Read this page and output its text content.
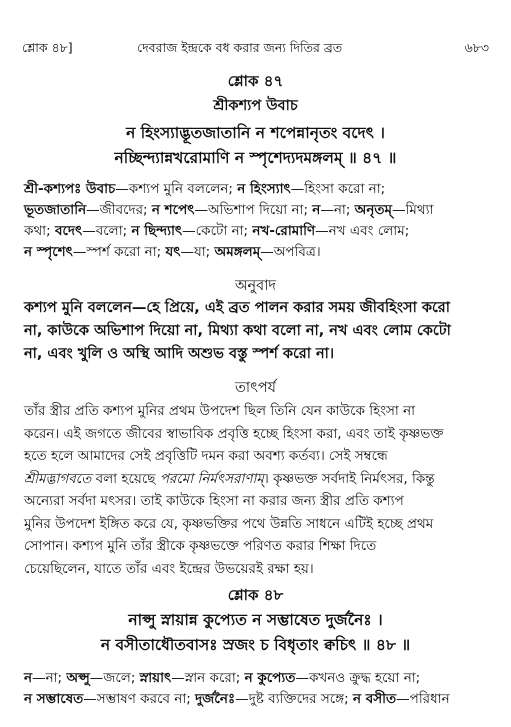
শ্লোক ৪৮]	দেবরাজ ইন্দ্রকে বধ করার জন্য দিতির ব্রত	৬৮৩
শ্লোক ৪৭
শ্রীকশ্যপ উবাচ
ন হিংস্যাদ্ভূতজাতানি ন শপেন্নানৃতং বদেৎ ।
নচ্ছিন্দ্যান্নখরোমাণি ন স্পৃশেদ্যদমঙ্গলম্ ॥ ৪৭ ॥

শ্রী-কশ্যপঃ উবাচ—কশ্যপ মুনি বললেন; ন হিংস্যাৎ—হিংসা করো না;

ভূতজাতানি—জীবদের; ন শপেৎ—অভিশাপ দিয়ো না; ন—না; অনৃতম্—মিথ্যা

কথা; বদেৎ—বলো; ন ছিন্দ্যাৎ—কেটো না; নখ-রোমাণি—নখ এবং লোম;

ন স্পৃশেৎ—স্পর্শ করো না; যৎ—যা; অমঙ্গলম্—অপবিত্র।

অনুবাদ

কশ্যপ মুনি বললেন—হে প্রিয়ে, এই ব্রত পালন করার সময় জীবহিংসা করো

না, কাউকে অভিশাপ দিয়ো না, মিথ্যা কথা বলো না, নখ এবং লোম কেটো

না, এবং খুলি ও অস্থি আদি অশুভ বস্তু স্পর্শ করো না।

তাৎপর্য

তাঁর স্ত্রীর প্রতি কশ্যপ মুনির প্রথম উপদেশ ছিল তিনি যেন কাউকে হিংসা না

করেন। এই জগতে জীবের স্বাভাবিক প্রবৃত্তি হচ্ছে হিংসা করা, এবং তাই কৃষ্ণভক্ত

হতে হলে আমাদের সেই প্রবৃত্তিটি দমন করা অবশ্য কর্তব্য। সেই সম্বন্ধে

শ্রীমদ্ভাগবতে বলা হয়েছে পরমো নির্মৎসরাণাম্। কৃষ্ণভক্ত সর্বদাই নির্মৎসর, কিন্তু

অন্যেরা সর্বদা মৎসর। তাই কাউকে হিংসা না করার জন্য স্ত্রীর প্রতি কশ্যপ

মুনির উপদেশ ইঙ্গিত করে যে, কৃষ্ণভক্তির পথে উন্নতি সাধনে এটিই হচ্ছে প্রথম

সোপান। কশ্যপ মুনি তাঁর স্ত্রীকে কৃষ্ণভক্তে পরিণত করার শিক্ষা দিতে

চেয়েছিলেন, যাতে তাঁর এবং ইন্দ্রের উভয়েরই রক্ষা হয়।

শ্লোক ৪৮
নাপ্সু স্নায়ান্ন কুপ্যেত ন সম্ভাষেত দুর্জনৈঃ ।
ন বসীতাধৌতবাসঃ স্রজং চ বিধৃতাং ক্বচিৎ ॥ ৪৮ ॥

ন—না; অপ্সু—জলে; স্নায়াৎ—স্নান করো; ন কুপ্যেত—কখনও ক্রুদ্ধ হয়ো না;

ন সম্ভাষেত—সম্ভাষণ করবে না; দুর্জনৈঃ—দুষ্ট ব্যক্তিদের সঙ্গে; ন বসীত—পরিধান
